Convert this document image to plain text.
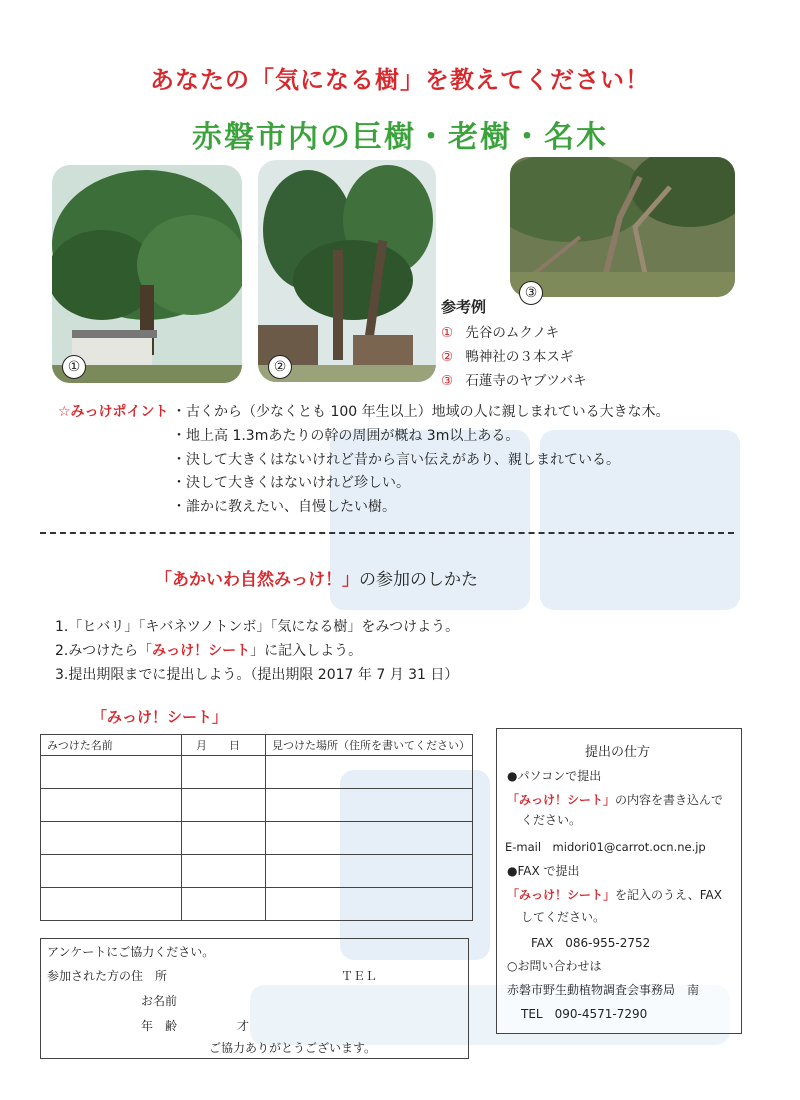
あなたの「気になる樹」を教えてください！
赤磐市内の巨樹・老樹・名木
①	②
③
参考例
① 先谷のムクノキ
② 鴨神社の３本スギ
③ 石蓮寺のヤブツバキ
☆みっけポイント ・古くから（少なくとも 100 年生以上）地域の人に親しまれている大きな木。
・地上高 1.3mあたりの幹の周囲が概ね 3m以上ある。
・決して大きくはないけれど昔から言い伝えがあり、親しまれている。
・決して大きくはないけれど珍しい。
・誰かに教えたい、自慢したい樹。
「あかいわ自然みっけ！」の参加のしかた
1.「ヒバリ」「キバネツノトンボ」「気になる樹」をみつけよう。
2.みつけたら「みっけ！シート」に記入しよう。
3.提出期限までに提出しよう。（提出期限 2017 年 7 月 31 日）
「みっけ！シート」
みつけた名前	月 日	見つけた場所（住所を書いてください）

アンケートにご協力ください。
参加された方の住　所	ＴＥＬ
お名前
年　齢	才
ご協力ありがとうございます。
提出の仕方
●パソコンで提出
「みっけ！シート」の内容を書き込んで
ください。
E-mail　midori01@carrot.ocn.ne.jp
●FAX で提出
「みっけ！シート」を記入のうえ、FAX
してください。
FAX　086-955-2752
○お問い合わせは
赤磐市野生動植物調査会事務局　南
TEL　090-4571-7290
